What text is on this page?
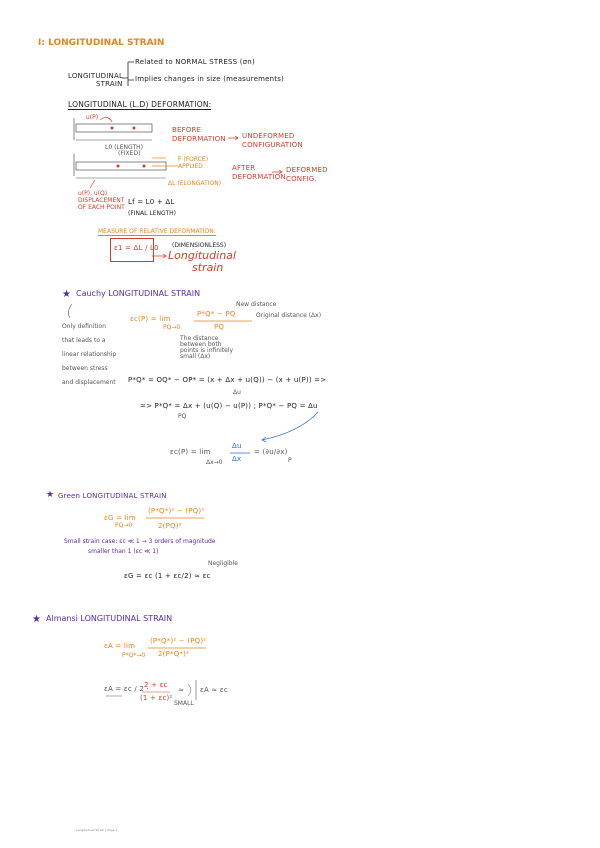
I: LONGITUDINAL STRAIN
LONGITUDINAL
STRAIN
Related to NORMAL STRESS (σn)
Implies changes in size (measurements)
LONGITUDINAL (L.D) DEFORMATION:
u(P)
L0 (LENGTH)
(FIXED)
BEFORE
DEFORMATION UNDEFORMED
CONFIGURATION
F (FORCE)
APPLIED	AFTER
DEFORMATION
DEFORMED
CONFIG.
ΔL (ELONGATION)
u(P), u(Q)
DISPLACEMENT
OF EACH POINT
Lf = L0 + ΔL
(FINAL LENGTH)
MEASURE OF RELATIVE DEFORMATION:
ε1 = ΔL / L0 (DIMENSIONLESS)
Longitudinal
strain
★ Cauchy LONGITUDINAL STRAIN
Only definition
that leads to a
linear relationship
between stress
and displacement
εc(P) = lim
PQ→0
P*Q* − PQ
PQ
New distance
Original distance (Δx)
The distance
between both
points is infinitely
small (Δx)
P*Q* = OQ* − OP* = (x + Δx + u(Q)) − (x + u(P)) =>
Δu
=> P*Q* = Δx + (u(Q) − u(P)) ; P*Q* − PQ = Δu
PQ
εc(P) = lim
Δx→0
Δu
Δx
= (∂u/∂x)
P
★ Green LONGITUDINAL STRAIN
εG = lim
PQ→0
(P*Q*)² − (PQ)²
2(PQ)²
Small strain case: εc ≪ 1 → 3 orders of magnitude
smaller than 1 (εc ≪ 1)
Negligible
εG = εc (1 + εc/2) ≈ εc
★ Almansi LONGITUDINAL STRAIN
εA = lim
P*Q*→0
(P*Q*)² − (PQ)²
2(P*Q*)²
εA = εc / 2 ·
2 + εc
(1 + εc)²
≈ εA ≈ εc
SMALL
Longitudinal Strain | Page 1
